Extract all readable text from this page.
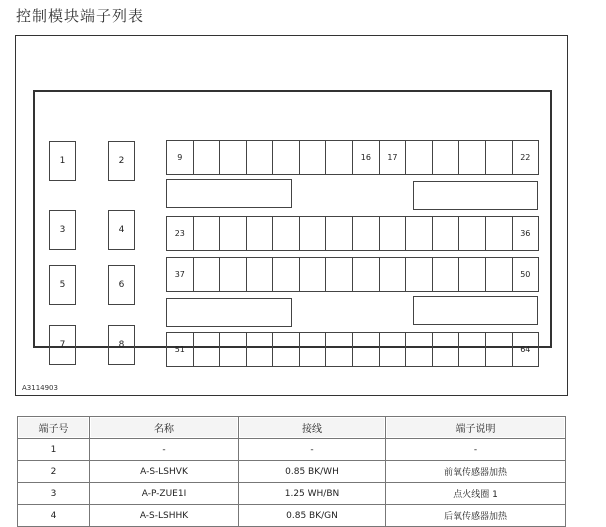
控制模块端子列表
1	2
3	4
5	6
7	8
9	16	17	22
23	36
37	50
51	64
A3114903
端子号	名称	接线	端子说明
1	-	-	-
2	A-S-LSHVK	0.85 BK/WH	前氧传感器加热
3	A-P-ZUE1I	1.25 WH/BN	点火线圈 1
4	A-S-LSHHK	0.85 BK/GN	后氧传感器加热
